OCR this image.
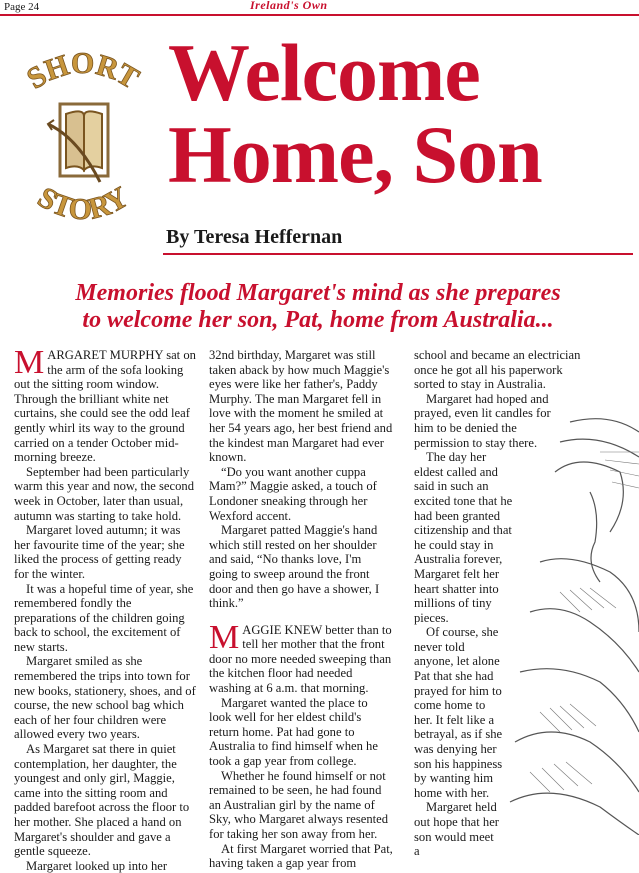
Page 24	Ireland's Own
SHORT
STORY
Welcome
Home, Son
By Teresa Heffernan
Memories flood Margaret's mind as she prepares
to welcome her son, Pat, home from Australia...

MARGARET MURPHY sat on the arm of the sofa looking out the sitting room window. Through the brilliant white net curtains, she could see the odd leaf gently whirl its way to the ground carried on a tender October mid-morning breeze.

September had been particularly warm this year and now, the second week in October, later than usual, autumn was starting to take hold.

Margaret loved autumn; it was her favourite time of the year; she liked the process of getting ready for the winter.

It was a hopeful time of year, she remembered fondly the preparations of the children going back to school, the excitement of new starts.

Margaret smiled as she remembered the trips into town for new books, stationery, shoes, and of course, the new school bag which each of her four children were allowed every two years.

As Margaret sat there in quiet contemplation, her daughter, the youngest and only girl, Maggie, came into the sitting room and padded barefoot across the floor to her mother. She placed a hand on Margaret's shoulder and gave a gentle squeeze.

Margaret looked up into her

32nd birthday, Margaret was still taken aback by how much Maggie's eyes were like her father's, Paddy Murphy. The man Margaret fell in love with the moment he smiled at her 54 years ago, her best friend and the kindest man Margaret had ever known.

“Do you want another cuppa Mam?” Maggie asked, a touch of Londoner sneaking through her Wexford accent.

Margaret patted Maggie's hand which still rested on her shoulder and said, “No thanks love, I'm going to sweep around the front door and then go have a shower, I think.”

MAGGIE KNEW better than to tell her mother that the front door no more needed sweeping than the kitchen floor had needed washing at 6 a.m. that morning.

Margaret wanted the place to look well for her eldest child's return home. Pat had gone to Australia to find himself when he took a gap year from college.

Whether he found himself or not remained to be seen, he had found an Australian girl by the name of Sky, who Margaret always resented for taking her son away from her.

At first Margaret worried that Pat, having taken a gap year from

school and became an electrician once he got all his paperwork sorted to stay in Australia.

Margaret had hoped and prayed, even lit candles for him to be denied the permission to stay there.

The day her eldest called and said in such an excited tone that he had been granted citizenship and that he could stay in Australia forever, Margaret felt her heart shatter into millions of tiny pieces.

Of course, she never told anyone, let alone Pat that she had prayed for him to come home to her. It felt like a betrayal, as if she was denying her son his happiness by wanting him home with her.

Margaret held out hope that her son would meet a
